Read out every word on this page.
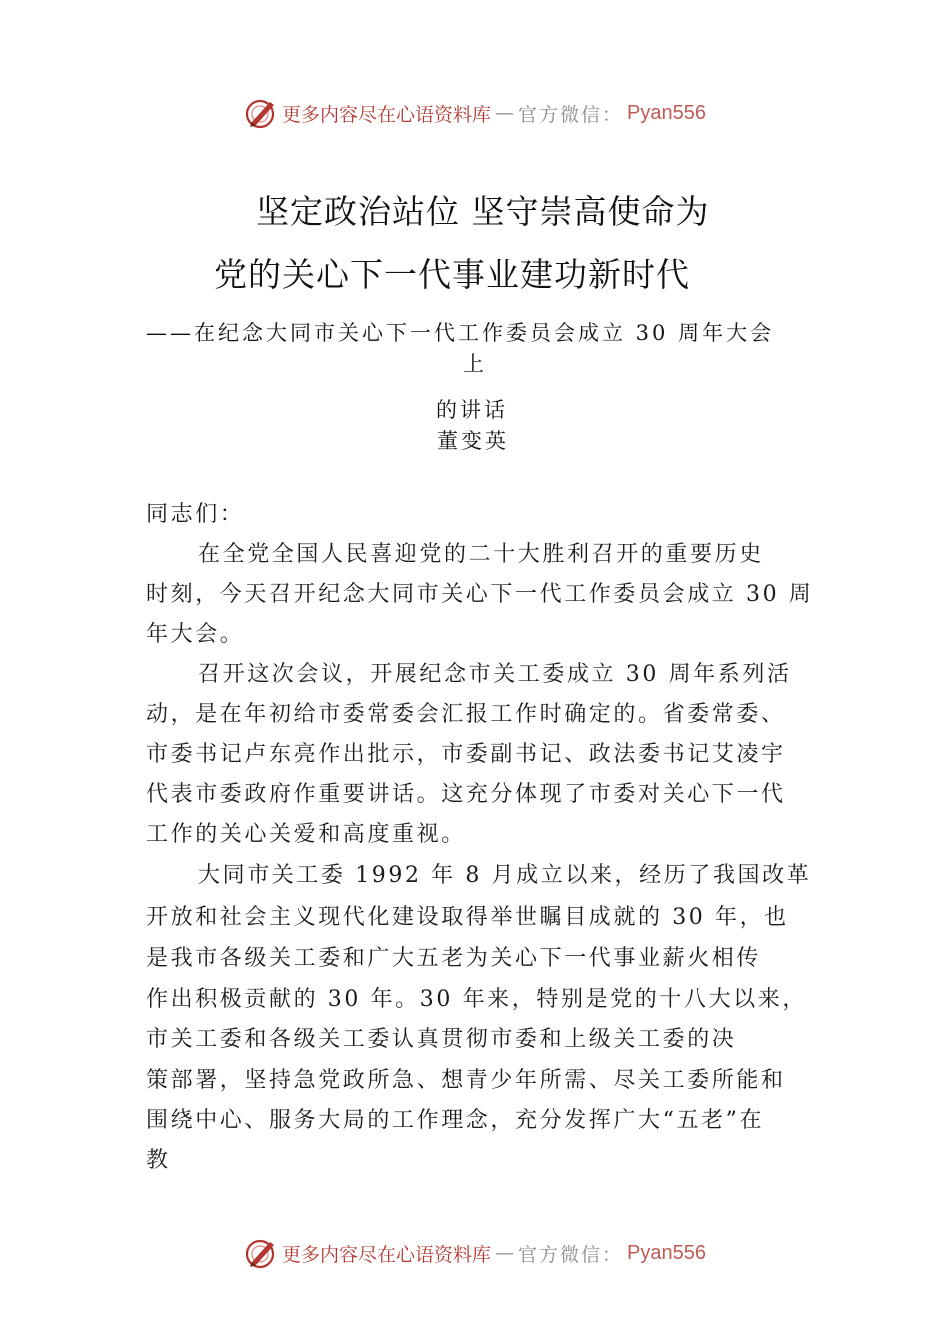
更多内容尽在心语资料库 — 官方微信： Pyan556
坚定政治站位 坚守崇高使命为
党的关心下一代事业建功新时代
——在纪念大同市关心下一代工作委员会成立 30 周年大会
上
的讲话
董变英
同志们：
在全党全国人民喜迎党的二十大胜利召开的重要历史
时刻，今天召开纪念大同市关心下一代工作委员会成立 30 周
年大会。
召开这次会议，开展纪念市关工委成立 30 周年系列活
动，是在年初给市委常委会汇报工作时确定的。省委常委、
市委书记卢东亮作出批示，市委副书记、政法委书记艾凌宇
代表市委政府作重要讲话。这充分体现了市委对关心下一代
工作的关心关爱和高度重视。
大同市关工委 1992 年 8 月成立以来，经历了我国改革
开放和社会主义现代化建设取得举世瞩目成就的 30 年，也
是我市各级关工委和广大五老为关心下一代事业薪火相传
作出积极贡献的 30 年。30 年来，特别是党的十八大以来，
市关工委和各级关工委认真贯彻市委和上级关工委的决
策部署，坚持急党政所急、想青少年所需、尽关工委所能和
围绕中心、服务大局的工作理念，充分发挥广大“五老”在
教
更多内容尽在心语资料库 — 官方微信： Pyan556
